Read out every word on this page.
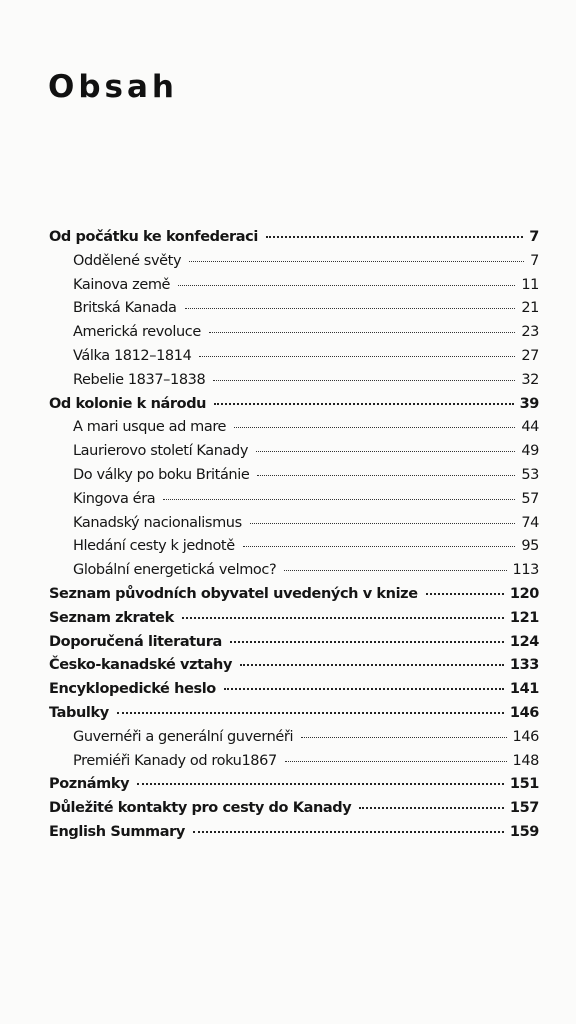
Obsah
Od počátku ke konfederaci	7
Oddělené světy	7
Kainova země	11
Britská Kanada	21
Americká revoluce	23
Válka 1812–1814	27
Rebelie 1837–1838	32
Od kolonie k národu	39
A mari usque ad mare	44
Laurierovo století Kanady	49
Do války po boku Británie	53
Kingova éra	57
Kanadský nacionalismus	74
Hledání cesty k jednotě	95
Globální energetická velmoc?	113
Seznam původních obyvatel uvedených v knize	120
Seznam zkratek	121
Doporučená literatura	124
Česko-kanadské vztahy	133
Encyklopedické heslo	141
Tabulky	146
Guvernéři a generální guvernéři	146
Premiéři Kanady od roku1867	148
Poznámky	151
Důležité kontakty pro cesty do Kanady	157
English Summary	159
